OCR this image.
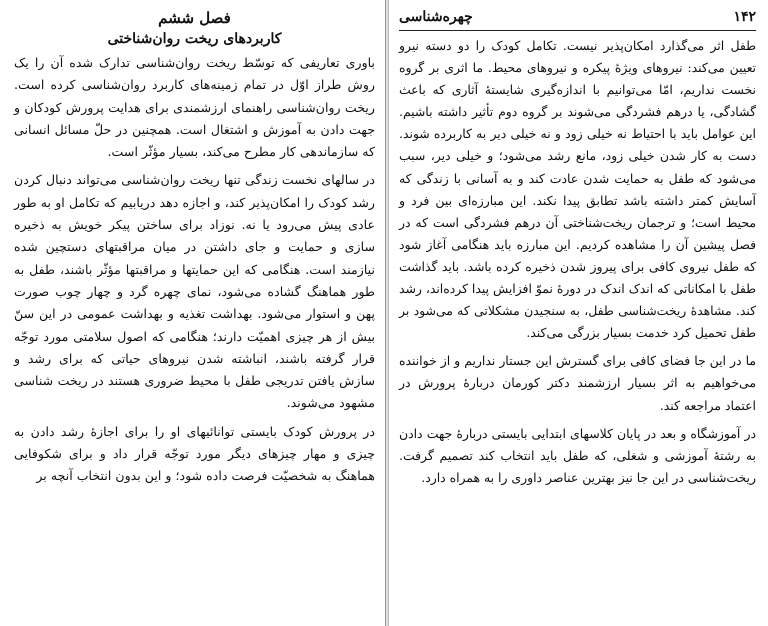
فصل ششم
کاربردهای ریخت روان‌شناختی

باوری تعاریفی که توسّط ریخت روان‌شناسی تدارک شده آن را یک روش طراز اوّل در تمام زمینه‌های کاربرد روان‌شناسی کرده است. ریخت روان‌شناسی راهنمای ارزشمندی برای هدایت پرورش کودکان و جهت دادن به آموزش و اشتغال است. همچنین در حلّ مسائل انسانی که سازماندهی کار مطرح می‌کند، بسیار مؤثّر است.

در سالهای نخست زندگی تنها ریخت روان‌شناسی می‌تواند دنبال کردن رشد کودک را امکان‌پذیر کند، و اجازه دهد دریابیم که تکامل او به طور عادی پیش می‌رود یا نه. نوزاد برای ساختن پیکر خویش به ذخیره سازی و حمایت و جای داشتن در میان مراقبتهای دستچین شده نیازمند است. هنگامی که این حمایتها و مراقبتها مؤثّر باشند، طفل به طور هماهنگ گشاده می‌شود، نمای چهره گرد و چهار چوب صورت پهن و استوار می‌شود. بهداشت تغذیه و بهداشت عمومی در این سنّ بیش از هر چیزی اهمیّت دارند؛ هنگامی که اصول سلامتی مورد توجّه قرار گرفته باشند، انباشته شدن نیروهای حیاتی که برای رشد و سازش یافتن تدریجی طفل با محیط ضروری هستند در ریخت شناسی مشهود می‌شوند.

در پرورش کودک بایستی توانائیهای او را برای اجازهٔ رشد دادن به چیزی و مهار چیزهای دیگر مورد توجّه قرار داد و برای شکوفایی هماهنگ به شخصیّت فرصت داده شود؛ و این بدون انتخاب آنچه بر

۱۴۲
چهره‌شناسی

طفل اثر می‌گذارد امکان‌پذیر نیست. تکامل کودک را دو دسته نیرو تعیین می‌کند: نیروهای ویژهٔ پیکره و نیروهای محیط. ما اثری بر گروه نخست نداریم، امّا می‌توانیم با اندازه‌گیری شایستهٔ آثاری که باعث گشادگی، یا درهم فشردگی می‌شوند بر گروه دوم تأثیر داشته باشیم. این عوامل باید با احتیاط نه خیلی زود و نه خیلی دیر به کاربرده شوند. دست به کار شدن خیلی زود، مانع رشد می‌شود؛ و خیلی دیر، سبب می‌شود که طفل به حمایت شدن عادت کند و به آسانی با زندگی که آسایش کمتر داشته باشد تطابق پیدا نکند. این مبارزه‌ای بین فرد و محیط است؛ و ترجمان ریخت‌شناختی آن درهم فشردگی است که در فصل پیشین آن را مشاهده کردیم. این مبارزه باید هنگامی آغاز شود که طفل نیروی کافی برای پیروز شدن ذخیره کرده باشد. باید گذاشت طفل با امکاناتی که اندک اندک در دورهٔ نموّ افزایش پیدا کرده‌اند، رشد کند. مشاهدهٔ ریخت‌شناسی طفل، به سنجیدن مشکلاتی که می‌شود بر طفل تحمیل کرد خدمت بسیار بزرگی می‌کند.

ما در این جا فضای کافی برای گسترش این جستار نداریم و از خواننده می‌خواهیم به اثر بسیار ارزشمند دکتر کورمان دربارهٔ پرورش در اعتماد مراجعه کند.

در آموزشگاه و بعد در پایان کلاسهای ابتدایی بایستی دربارهٔ جهت دادن به رشتهٔ آموزشی و شغلی، که طفل باید انتخاب کند تصمیم گرفت. ریخت‌شناسی در این جا نیز بهترین عناصر داوری را به همراه دارد.
